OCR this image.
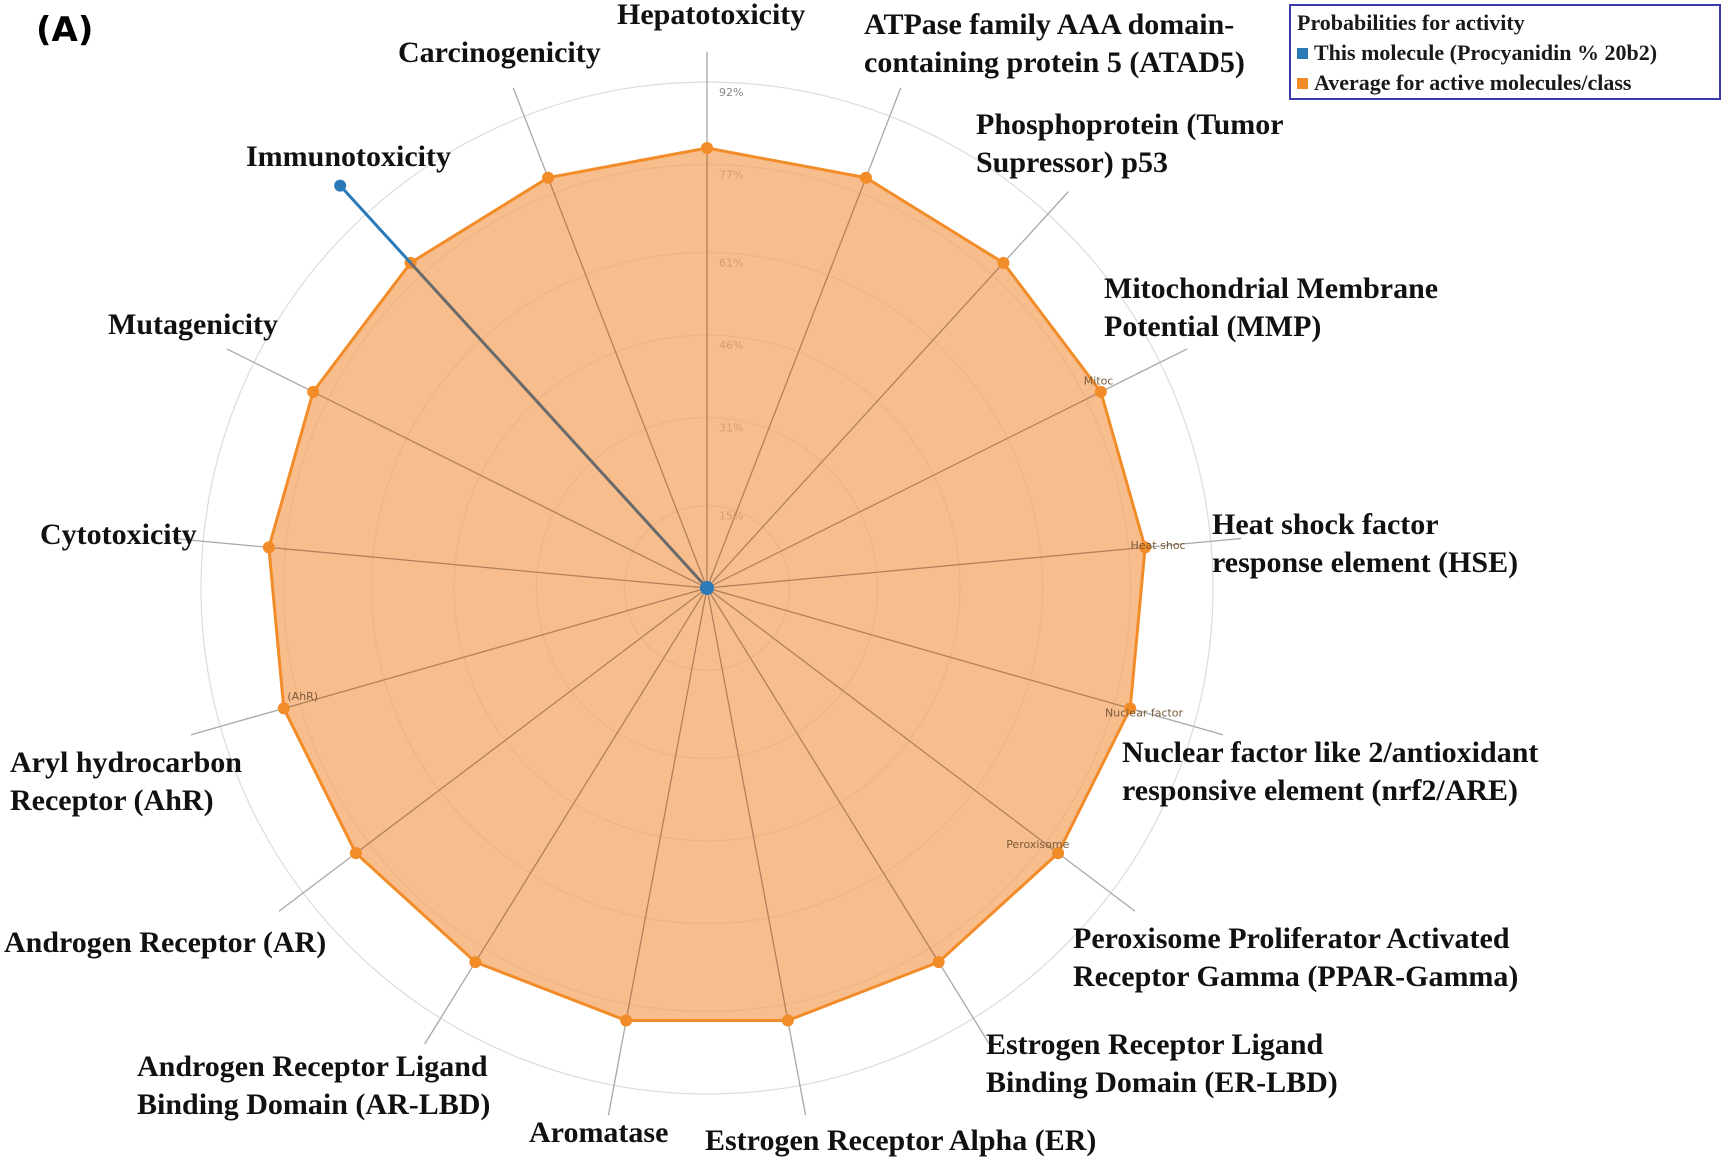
92%
Mitoc
Heat shoc
Nuclear factor
Peroxisome
(AhR)
Hepatotoxicity ATPase family AAA domain-
containing protein 5 (ATAD5)
Phosphoprotein (Tumor
Supressor) p53
Mitochondrial Membrane
Potential (MMP)
Heat shock factor
response element (HSE)
Nuclear factor like 2/antioxidant
responsive element (nrf2/ARE)
Peroxisome Proliferator Activated
Receptor Gamma (PPAR-Gamma)
Estrogen Receptor Ligand
Binding Domain (ER-LBD)
Estrogen Receptor Alpha (ER)
Aromatase
Androgen Receptor Ligand
Binding Domain (AR-LBD)
Androgen Receptor (AR)
Aryl hydrocarbon
Receptor (AhR)
Cytotoxicity
Mutagenicity
Immunotoxicity
Carcinogenicity
(A)	Probabilities for activity
This molecule (Procyanidin % 20b2)
Average for active molecules/class
